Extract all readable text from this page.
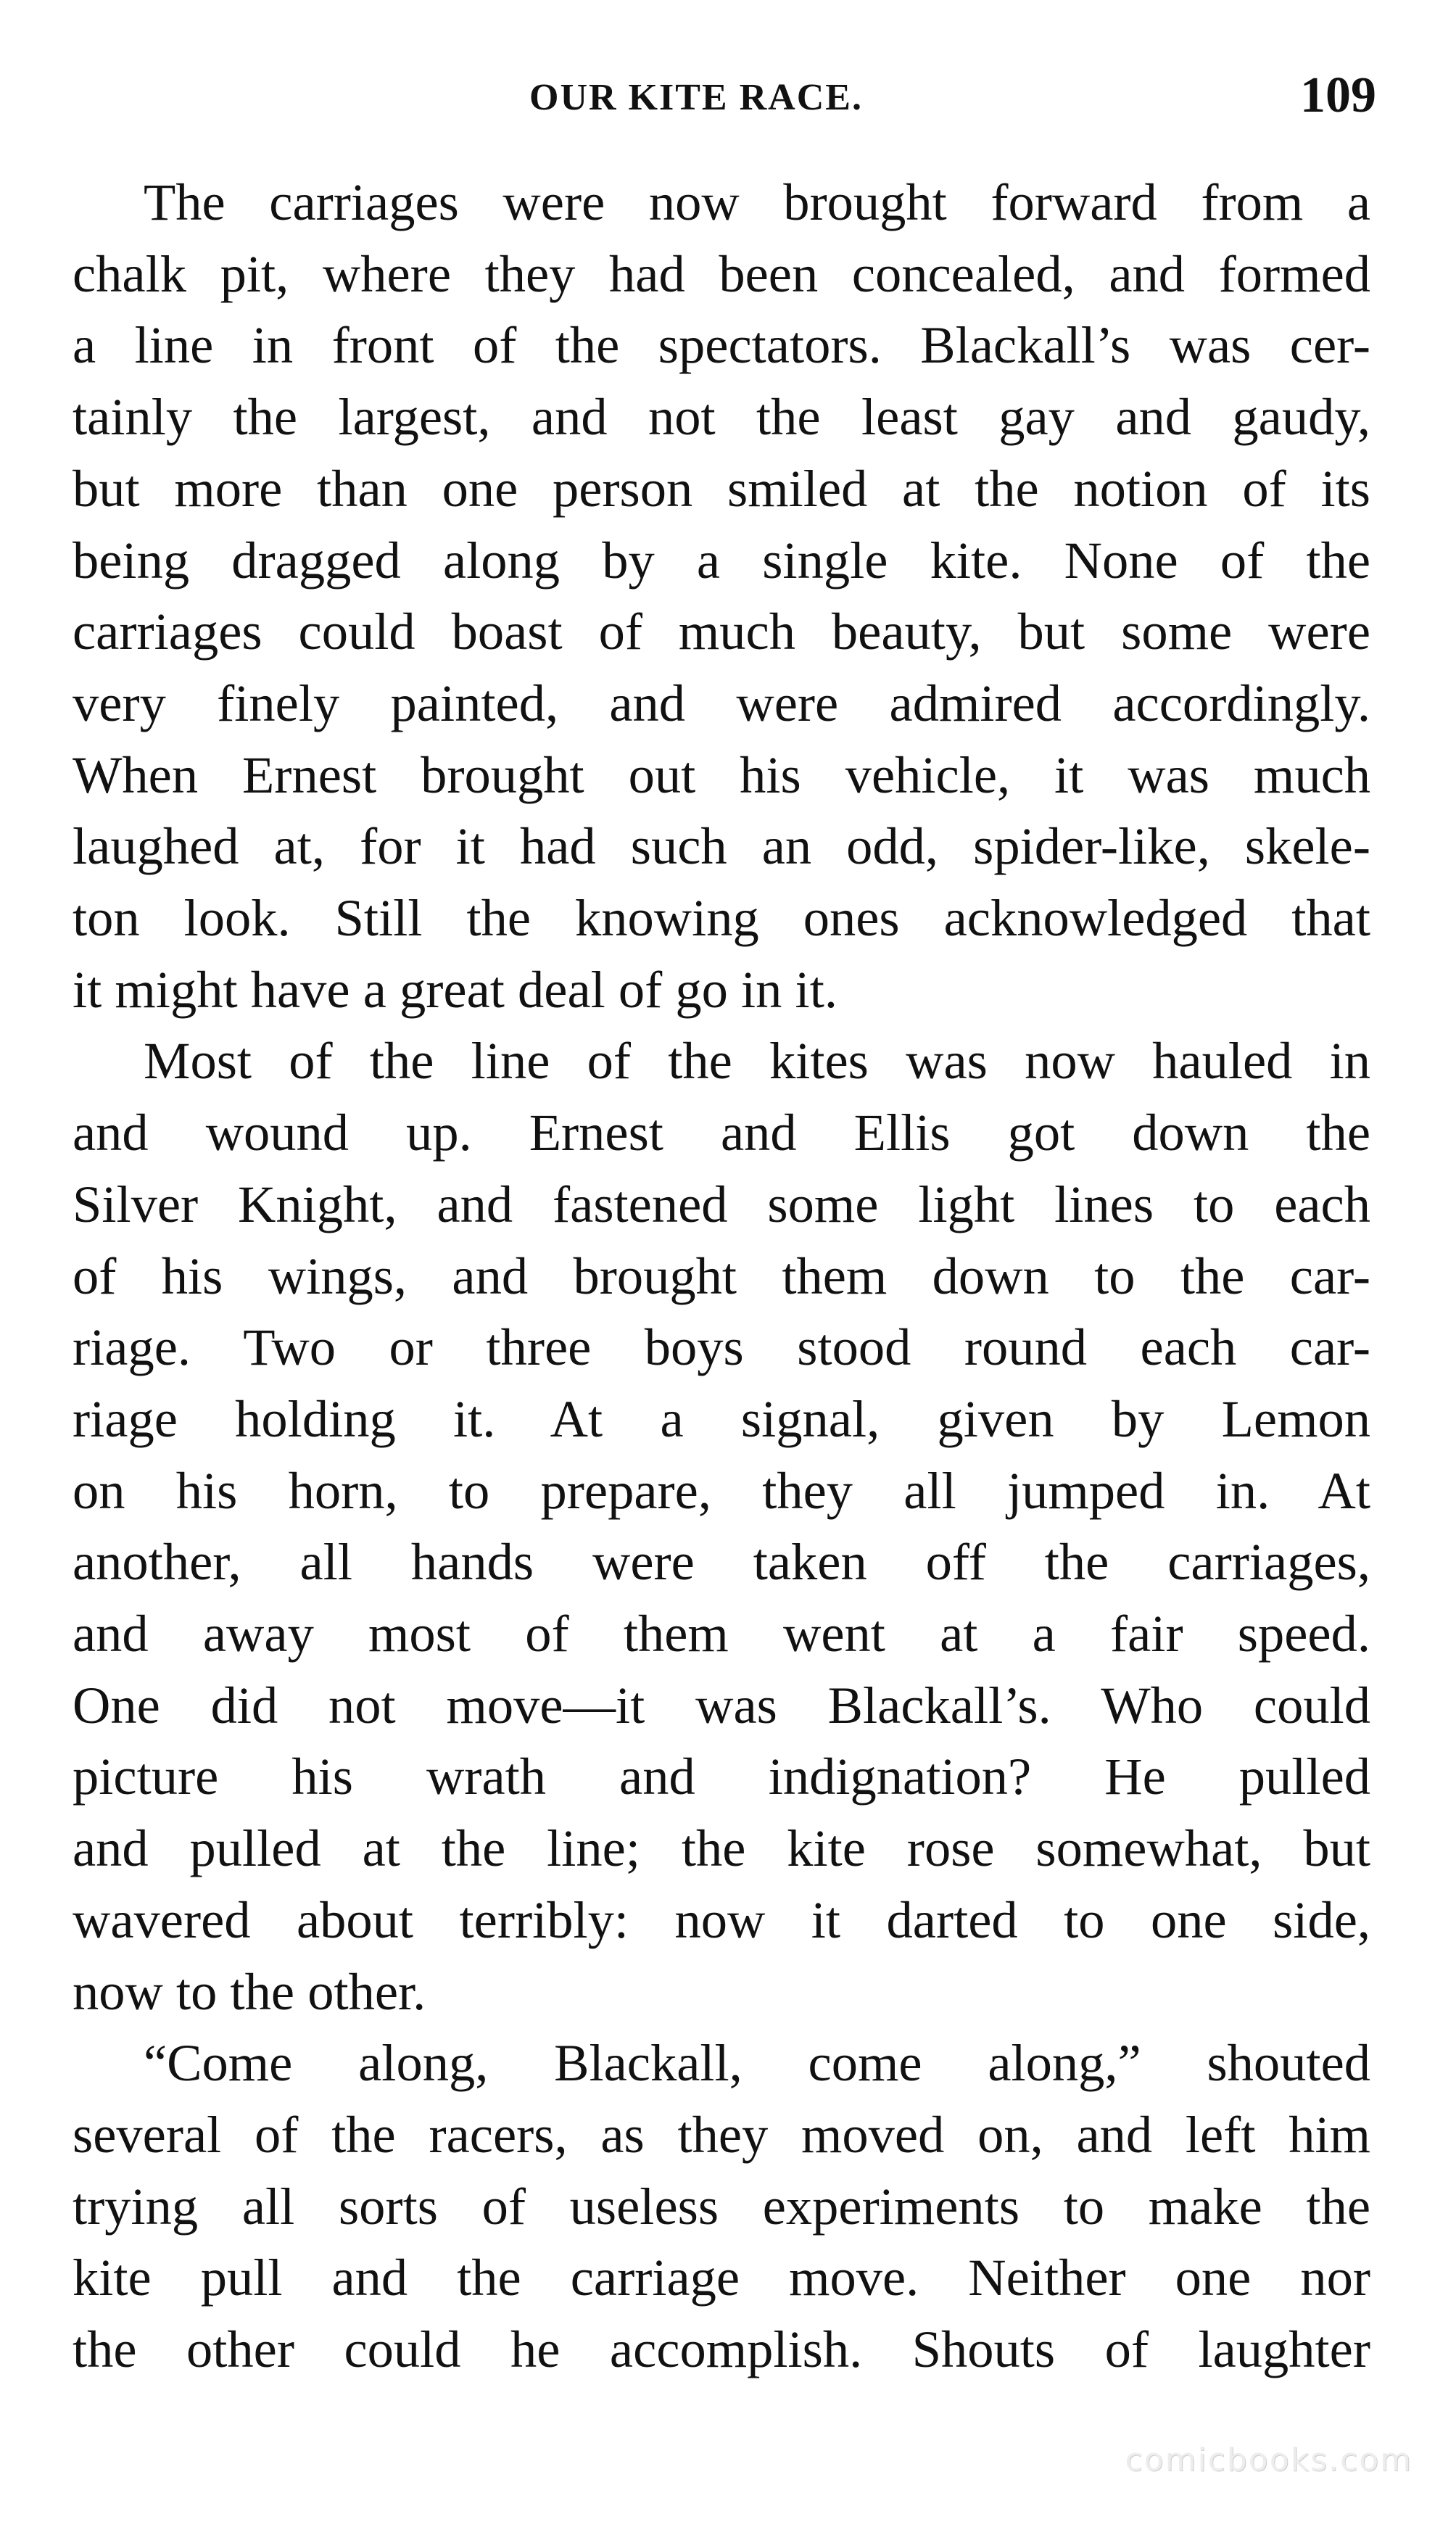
OUR KITE RACE.	109

The carriages were now brought forward from a
chalk pit, where they had been concealed, and formed
a line in front of the spectators. Blackall’s was cer-
tainly the largest, and not the least gay and gaudy,
but more than one person smiled at the notion of its
being dragged along by a single kite. None of the
carriages could boast of much beauty, but some were
very finely painted, and were admired accordingly.
When Ernest brought out his vehicle, it was much
laughed at, for it had such an odd, spider-like, skele-
ton look. Still the knowing ones acknowledged that
it might have a great deal of go in it.

Most of the line of the kites was now hauled in
and wound up. Ernest and Ellis got down the
Silver Knight, and fastened some light lines to each
of his wings, and brought them down to the car-
riage. Two or three boys stood round each car-
riage holding it. At a signal, given by Lemon
on his horn, to prepare, they all jumped in. At
another, all hands were taken off the carriages,
and away most of them went at a fair speed.
One did not move—it was Blackall’s. Who could
picture his wrath and indignation? He pulled
and pulled at the line; the kite rose somewhat, but
wavered about terribly: now it darted to one side,
now to the other.

“Come along, Blackall, come along,” shouted
several of the racers, as they moved on, and left him
trying all sorts of useless experiments to make the
kite pull and the carriage move. Neither one nor
the other could he accomplish. Shouts of laughter

comicbooks.com
